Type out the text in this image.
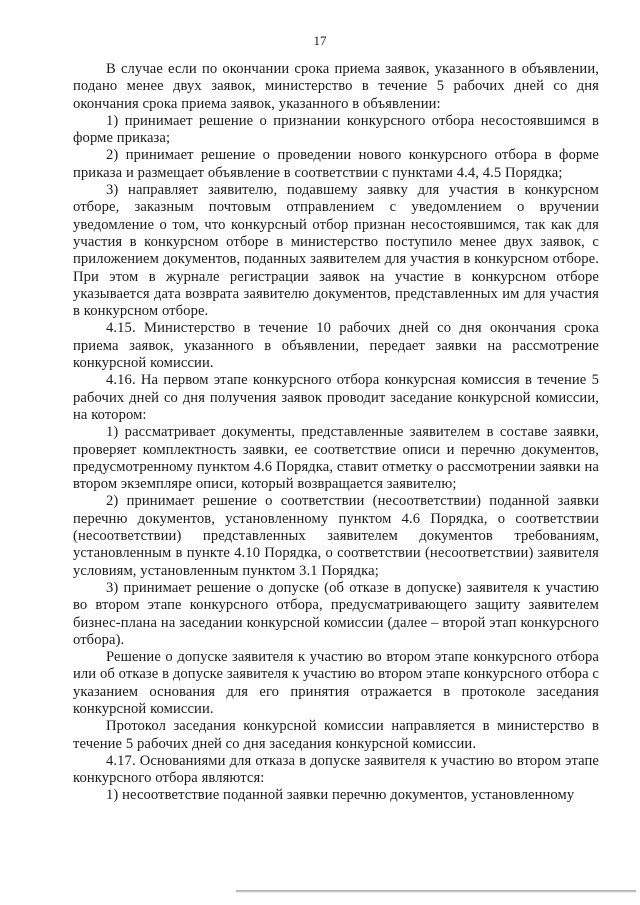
17

В случае если по окончании срока приема заявок, указанного в объявлении, подано менее двух заявок, министерство в течение 5 рабочих дней со дня окончания срока приема заявок, указанного в объявлении:

1) принимает решение о признании конкурсного отбора несостоявшимся в форме приказа;

2) принимает решение о проведении нового конкурсного отбора в форме приказа и размещает объявление в соответствии с пунктами 4.4, 4.5 Порядка;

3) направляет заявителю, подавшему заявку для участия в конкурсном отборе, заказным почтовым отправлением с уведомлением о вручении уведомление о том, что конкурсный отбор признан несостоявшимся, так как для участия в конкурсном отборе в министерство поступило менее двух заявок, с приложением документов, поданных заявителем для участия в конкурсном отборе. При этом в журнале регистрации заявок на участие в конкурсном отборе указывается дата возврата заявителю документов, представленных им для участия в конкурсном отборе.

4.15. Министерство в течение 10 рабочих дней со дня окончания срока приема заявок, указанного в объявлении, передает заявки на рассмотрение конкурсной комиссии.

4.16. На первом этапе конкурсного отбора конкурсная комиссия в течение 5 рабочих дней со дня получения заявок проводит заседание конкурсной комиссии, на котором:

1) рассматривает документы, представленные заявителем в составе заявки, проверяет комплектность заявки, ее соответствие описи и перечню документов, предусмотренному пунктом 4.6 Порядка, ставит отметку о рассмотрении заявки на втором экземпляре описи, который возвращается заявителю;

2) принимает решение о соответствии (несоответствии) поданной заявки перечню документов, установленному пунктом 4.6 Порядка, о соответствии (несоответствии) представленных заявителем документов требованиям, установленным в пункте 4.10 Порядка, о соответствии (несоответствии) заявителя условиям, установленным пунктом 3.1 Порядка;

3) принимает решение о допуске (об отказе в допуске) заявителя к участию во втором этапе конкурсного отбора, предусматривающего защиту заявителем бизнес-плана на заседании конкурсной комиссии (далее – второй этап конкурсного отбора).

Решение о допуске заявителя к участию во втором этапе конкурсного отбора или об отказе в допуске заявителя к участию во втором этапе конкурсного отбора с указанием основания для его принятия отражается в протоколе заседания конкурсной комиссии.

Протокол заседания конкурсной комиссии направляется в министерство в течение 5 рабочих дней со дня заседания конкурсной комиссии.

4.17. Основаниями для отказа в допуске заявителя к участию во втором этапе конкурсного отбора являются:

1) несоответствие поданной заявки перечню документов, установленному
